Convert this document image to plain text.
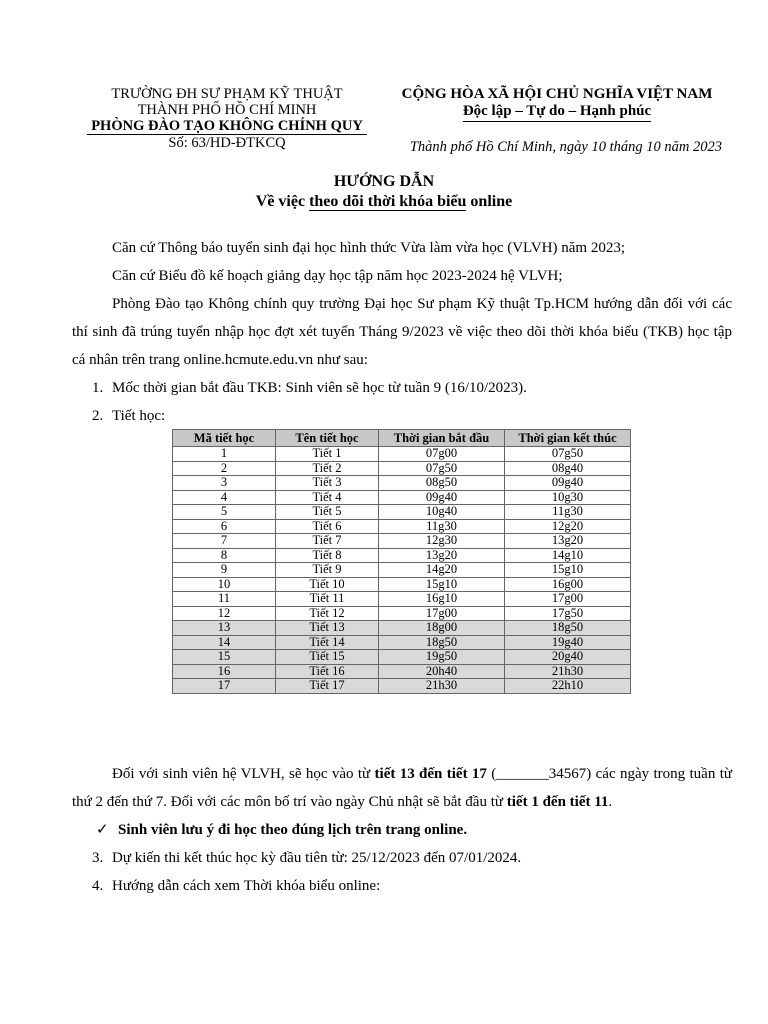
TRƯỜNG ĐH SƯ PHẠM KỸ THUẬT
THÀNH PHỐ HỒ CHÍ MINH
PHÒNG ĐÀO TẠO KHÔNG CHÍNH QUY
Số: 63/HD-ĐTKCQ
CỘNG HÒA XÃ HỘI CHỦ NGHĨA VIỆT NAM
Độc lập – Tự do – Hạnh phúc
Thành phố Hồ Chí Minh, ngày 10 tháng 10 năm 2023
HƯỚNG DẪN
Về việc theo dõi thời khóa biểu online

Căn cứ Thông báo tuyển sinh đại học hình thức Vừa làm vừa học (VLVH) năm 2023;

Căn cứ Biểu đồ kế hoạch giảng dạy học tập năm học 2023-2024 hệ VLVH;

Phòng Đào tạo Không chính quy trường Đại học Sư phạm Kỹ thuật Tp.HCM hướng dẫn đối với các thí sinh đã trúng tuyển nhập học đợt xét tuyển Tháng 9/2023 về việc theo dõi thời khóa biểu (TKB) học tập cá nhân trên trang online.hcmute.edu.vn như sau:

1. Mốc thời gian bắt đầu TKB: Sinh viên sẽ học từ tuần 9 (16/10/2023).

2. Tiết học:

Mã tiết học	Tên tiết học	Thời gian bắt đầu	Thời gian kết thúc
1	Tiết 1	07g00	07g50
2	Tiết 2	07g50	08g40
3	Tiết 3	08g50	09g40
4	Tiết 4	09g40	10g30
5	Tiết 5	10g40	11g30
6	Tiết 6	11g30	12g20
7	Tiết 7	12g30	13g20
8	Tiết 8	13g20	14g10
9	Tiết 9	14g20	15g10
10	Tiết 10	15g10	16g00
11	Tiết 11	16g10	17g00
12	Tiết 12	17g00	17g50
13	Tiết 13	18g00	18g50
14	Tiết 14	18g50	19g40
15	Tiết 15	19g50	20g40
16	Tiết 16	20h40	21h30
17	Tiết 17	21h30	22h10

Đối với sinh viên hệ VLVH, sẽ học vào từ tiết 13 đến tiết 17 (_______34567) các ngày trong tuần từ thứ 2 đến thứ 7. Đối với các môn bố trí vào ngày Chủ nhật sẽ bắt đầu từ tiết 1 đến tiết 11.

✓ Sinh viên lưu ý đi học theo đúng lịch trên trang online.

3. Dự kiến thi kết thúc học kỳ đầu tiên từ: 25/12/2023 đến 07/01/2024.

4. Hướng dẫn cách xem Thời khóa biểu online:
